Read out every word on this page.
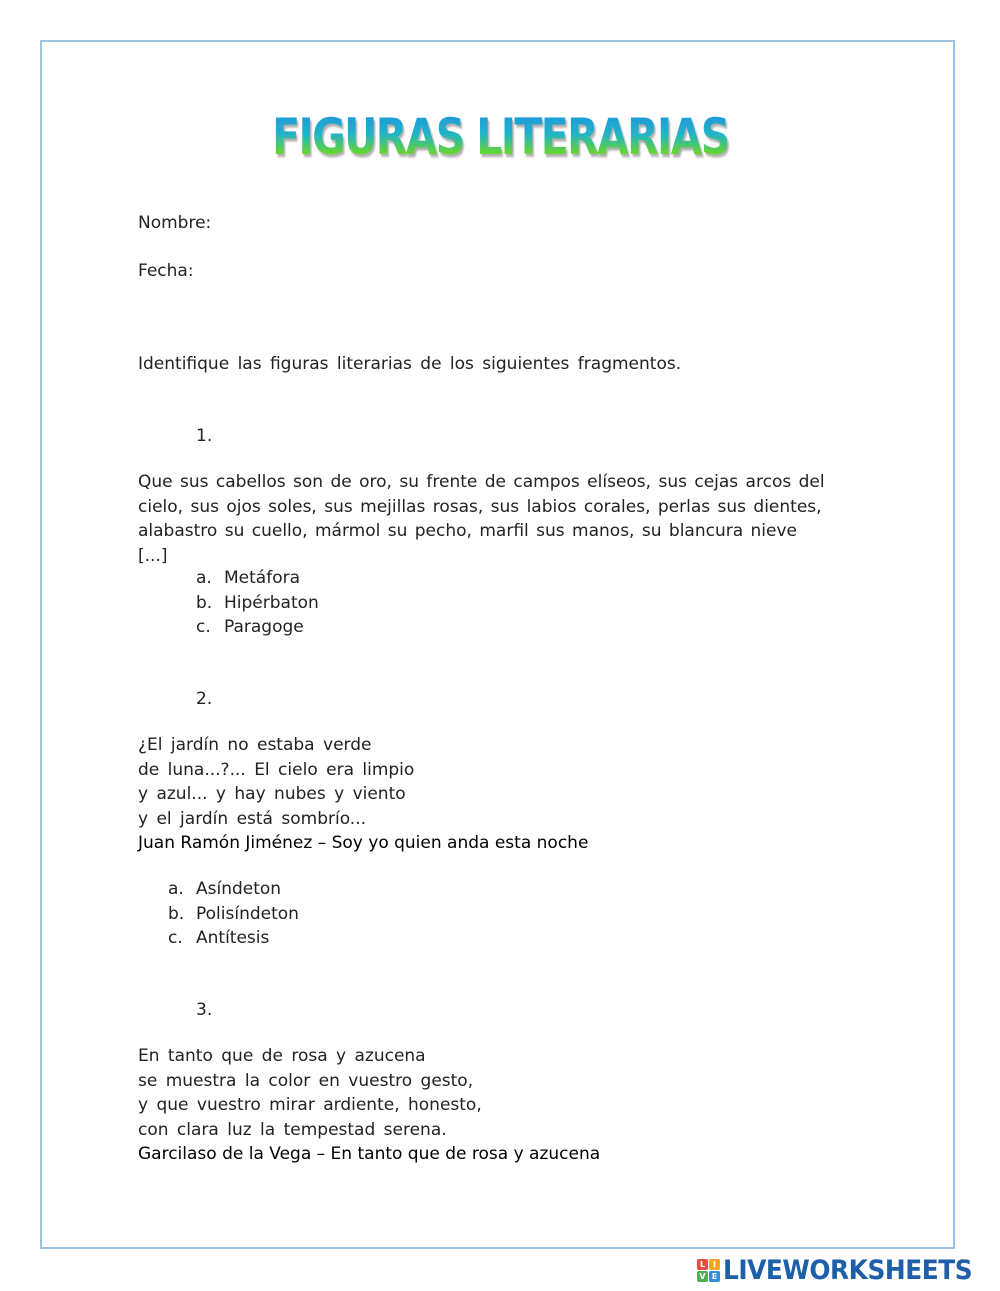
FIGURAS LITERARIAS
Nombre:
Fecha:
Identifique las figuras literarias de los siguientes fragmentos.
1.
Que sus cabellos son de oro, su frente de campos elíseos, sus cejas arcos del
cielo, sus ojos soles, sus mejillas rosas, sus labios corales, perlas sus dientes,
alabastro su cuello, mármol su pecho, marfil sus manos, su blancura nieve [...]
a. Metáfora
b. Hipérbaton
c. Paragoge
2.
¿El jardín no estaba verde
de luna...?... El cielo era limpio
y azul... y hay nubes y viento
y el jardín está sombrío...
Juan Ramón Jiménez – Soy yo quien anda esta noche
a. Asíndeton
b. Polisíndeton
c. Antítesis
3.
En tanto que de rosa y azucena
se muestra la color en vuestro gesto,
y que vuestro mirar ardiente, honesto,
con clara luz la tempestad serena.
Garcilaso de la Vega – En tanto que de rosa y azucena
L I
V E LIVEWORKSHEETS
